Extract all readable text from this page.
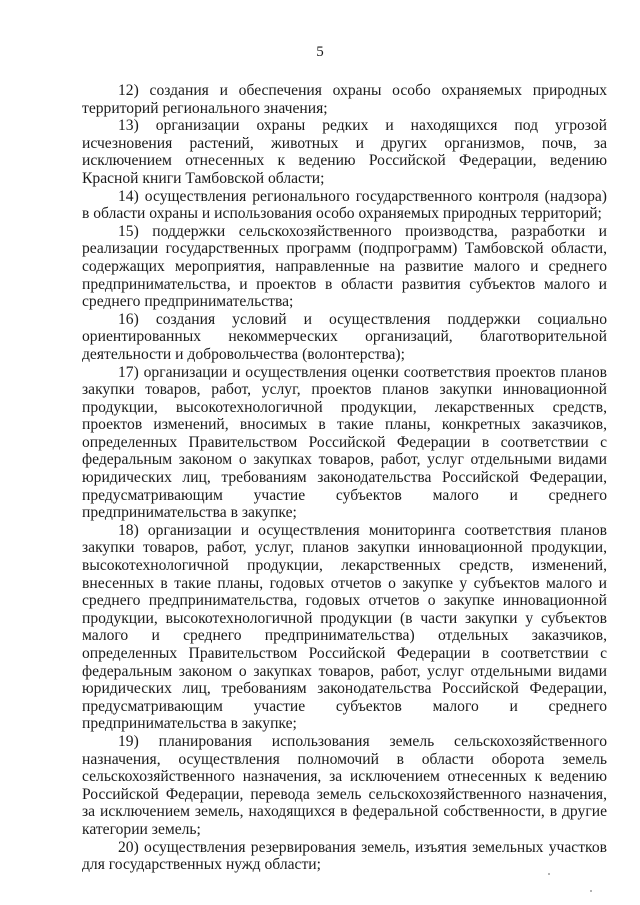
5

12) создания и обеспечения охраны особо охраняемых природных территорий регионального значения;

13) организации охраны редких и находящихся под угрозой исчезновения растений, животных и других организмов, почв, за исключением отнесенных к ведению Российской Федерации, ведению Красной книги Тамбовской области;

14) осуществления регионального государственного контроля (надзора) в области охраны и использования особо охраняемых природных территорий;

15) поддержки сельскохозяйственного производства, разработки и реализации государственных программ (подпрограмм) Тамбовской области, содержащих мероприятия, направленные на развитие малого и среднего предпринимательства, и проектов в области развития субъектов малого и среднего предпринимательства;

16) создания условий и осуществления поддержки социально ориентированных некоммерческих организаций, благотворительной деятельности и добровольчества (волонтерства);

17) организации и осуществления оценки соответствия проектов планов закупки товаров, работ, услуг, проектов планов закупки инновационной продукции, высокотехнологичной продукции, лекарственных средств, проектов изменений, вносимых в такие планы, конкретных заказчиков, определенных Правительством Российской Федерации в соответствии с федеральным законом о закупках товаров, работ, услуг отдельными видами юридических лиц, требованиям законодательства Российской Федерации, предусматривающим участие субъектов малого и среднего предпринимательства в закупке;

18) организации и осуществления мониторинга соответствия планов закупки товаров, работ, услуг, планов закупки инновационной продукции, высокотехнологичной продукции, лекарственных средств, изменений, внесенных в такие планы, годовых отчетов о закупке у субъектов малого и среднего предпринимательства, годовых отчетов о закупке инновационной продукции, высокотехнологичной продукции (в части закупки у субъектов малого и среднего предпринимательства) отдельных заказчиков, определенных Правительством Российской Федерации в соответствии с федеральным законом о закупках товаров, работ, услуг отдельными видами юридических лиц, требованиям законодательства Российской Федерации, предусматривающим участие субъектов малого и среднего предпринимательства в закупке;

19) планирования использования земель сельскохозяйственного назначения, осуществления полномочий в области оборота земель сельскохозяйственного назначения, за исключением отнесенных к ведению Российской Федерации, перевода земель сельскохозяйственного назначения, за исключением земель, находящихся в федеральной собственности, в другие категории земель;

20) осуществления резервирования земель, изъятия земельных участков для государственных нужд области;
